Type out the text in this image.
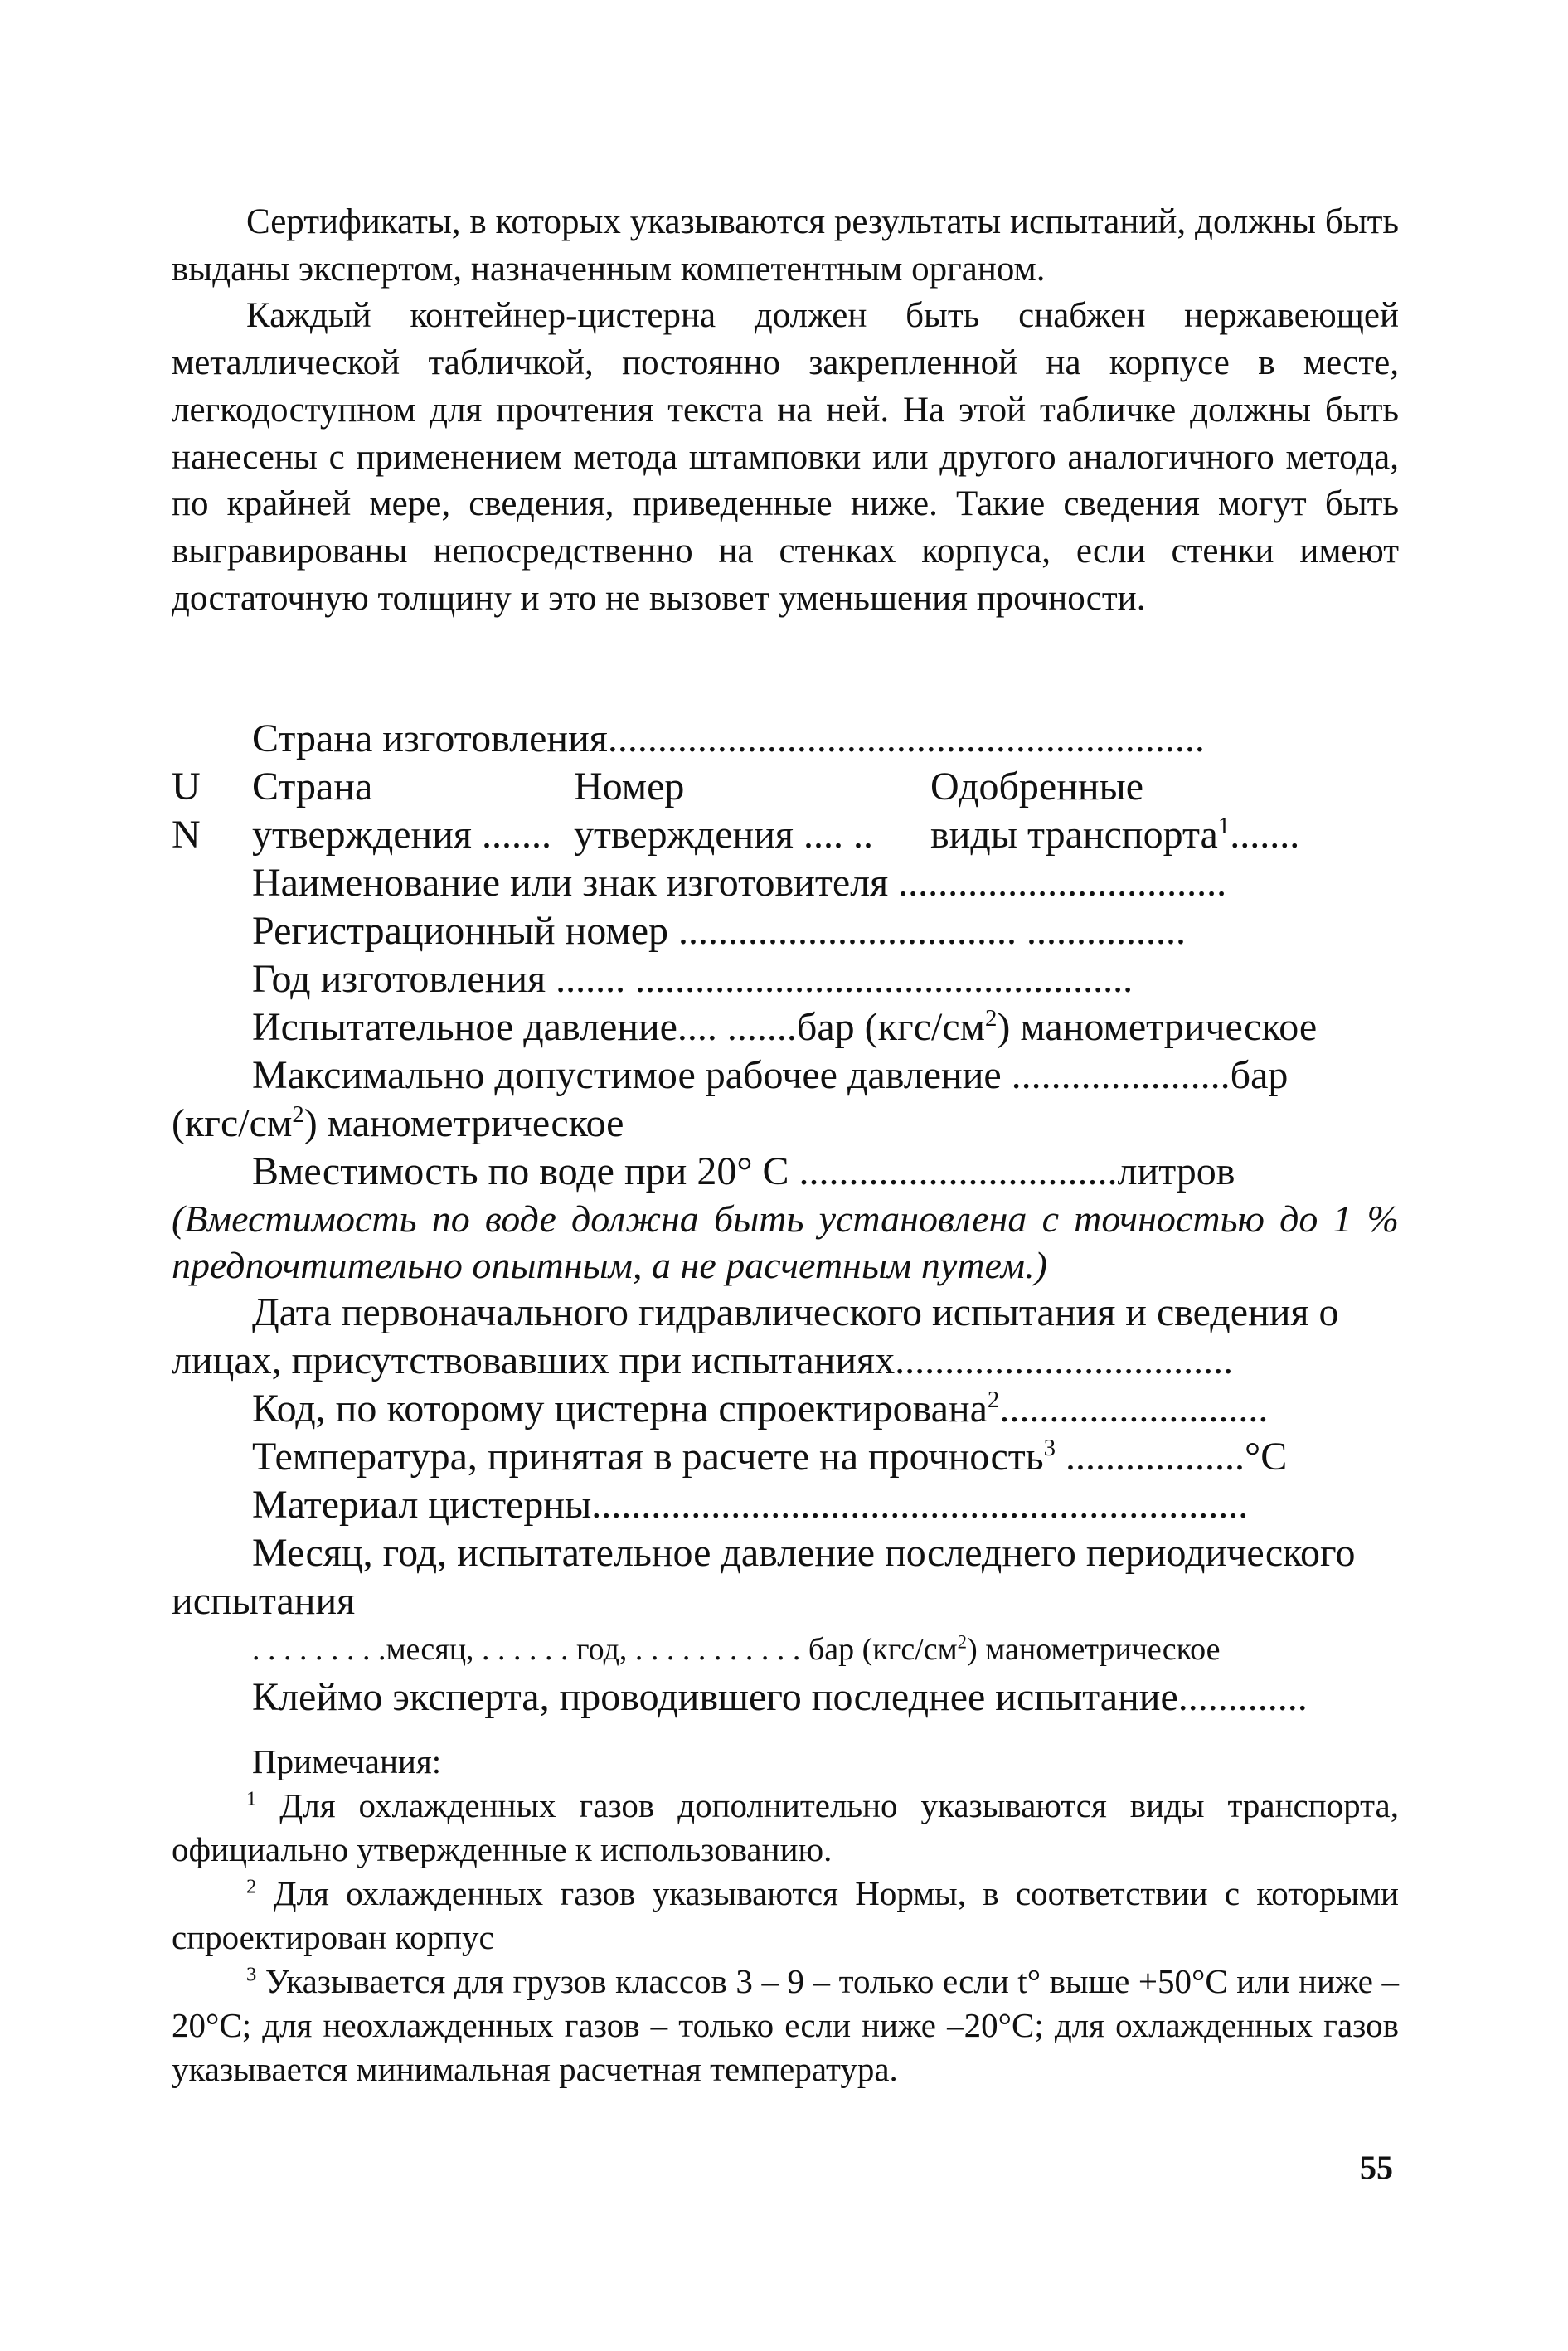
Сертификаты, в которых указываются результаты испытаний, должны быть выданы экспертом, назначенным компетентным органом.

Каждый контейнер-цистерна должен быть снабжен нержавеющей металлической табличкой, постоянно закрепленной на корпусе в месте, легкодоступном для прочтения текста на ней. На этой табличке должны быть нанесены с применением метода штамповки или другого аналогичного метода, по крайней мере, сведения, приведенные ниже. Такие сведения могут быть выгравированы непосредственно на стенках корпуса, если стенки имеют достаточную толщину и это не вызовет уменьшения прочности.

Страна изготовления............................................................

U	Страна	Номер	Одобренные
N	утверждения ....... утверждения .... ..	виды транспорта$^1$.......

Наименование или знак изготовителя .................................

Регистрационный номер .................................. ................

Год изготовления ....... ..................................................

Испытательное давление.... .......бар $(кгс/см^2)$ манометрическое

Максимально допустимое рабочее давление ......................бар

$(кгс/см^2)$ манометрическое

Вместимость по воде при 20° С ................................литров

(Вместимость по воде должна быть установлена с точностью до 1 % предпочтительно опытным, а не расчетным путем.)

Дата первоначального гидравлического испытания и сведения о лицах, присутствовавших при испытаниях..................................

Код, по которому цистерна спроектирована$^2$...........................

Температура, принятая в расчете на прочность$^3$ ..................°C

Материал цистерны..................................................................

Месяц, год, испытательное давление последнего периодического испытания

. . . . . . . . .месяц, . . . . . . год, . . . . . . . . . . . бар $(кгс/см^2)$ манометрическое

Клеймо эксперта, проводившего последнее испытание.............

Примечания:

$^1$ Для охлажденных газов дополнительно указываются виды транспорта, официально утвержденные к использованию.

$^2$ Для охлажденных газов указываются Нормы, в соответствии с которыми спроектирован корпус

$^3$ Указывается для грузов классов 3 – 9 – только если t° выше +50°C или ниже –20°C; для неохлажденных газов – только если ниже –20°C; для охлажденных газов указывается минимальная расчетная температура.

55
